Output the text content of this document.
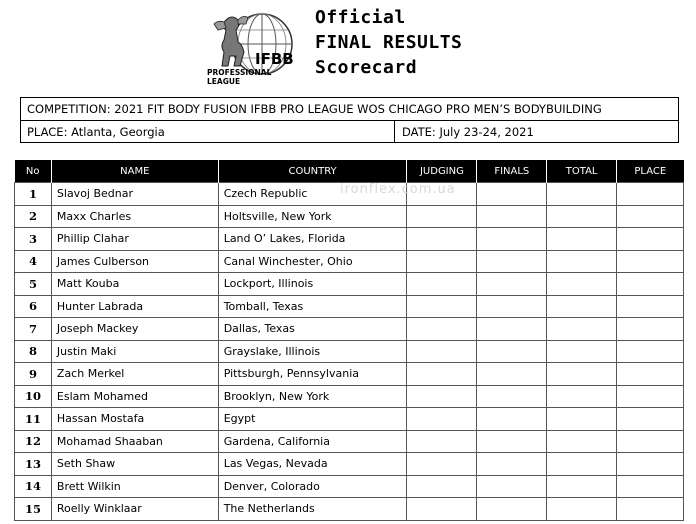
IFBB
PROFESSIONAL LEAGUE
Official
FINAL RESULTS
Scorecard
COMPETITION: 2021 FIT BODY FUSION IFBB PRO LEAGUE WOS CHICAGO PRO MEN’S BODYBUILDING
PLACE: Atlanta, Georgia	DATE: July 23-24, 2021
No	NAME	COUNTRY	JUDGING	FINALS	TOTAL	PLACE
1	Slavoj Bednar	Czech Republic				
2	Maxx Charles	Holtsville, New York				
3	Phillip Clahar	Land O’ Lakes, Florida				
4	James Culberson	Canal Winchester, Ohio				
5	Matt Kouba	Lockport, Illinois				
6	Hunter Labrada	Tomball, Texas				
7	Joseph Mackey	Dallas, Texas				
8	Justin Maki	Grayslake, Illinois				
9	Zach Merkel	Pittsburgh, Pennsylvania				
10	Eslam Mohamed	Brooklyn, New York				
11	Hassan Mostafa	Egypt				
12	Mohamad Shaaban	Gardena, California				
13	Seth Shaw	Las Vegas, Nevada				
14	Brett Wilkin	Denver, Colorado				
15	Roelly Winklaar	The Netherlands				
ironflex.com.ua
